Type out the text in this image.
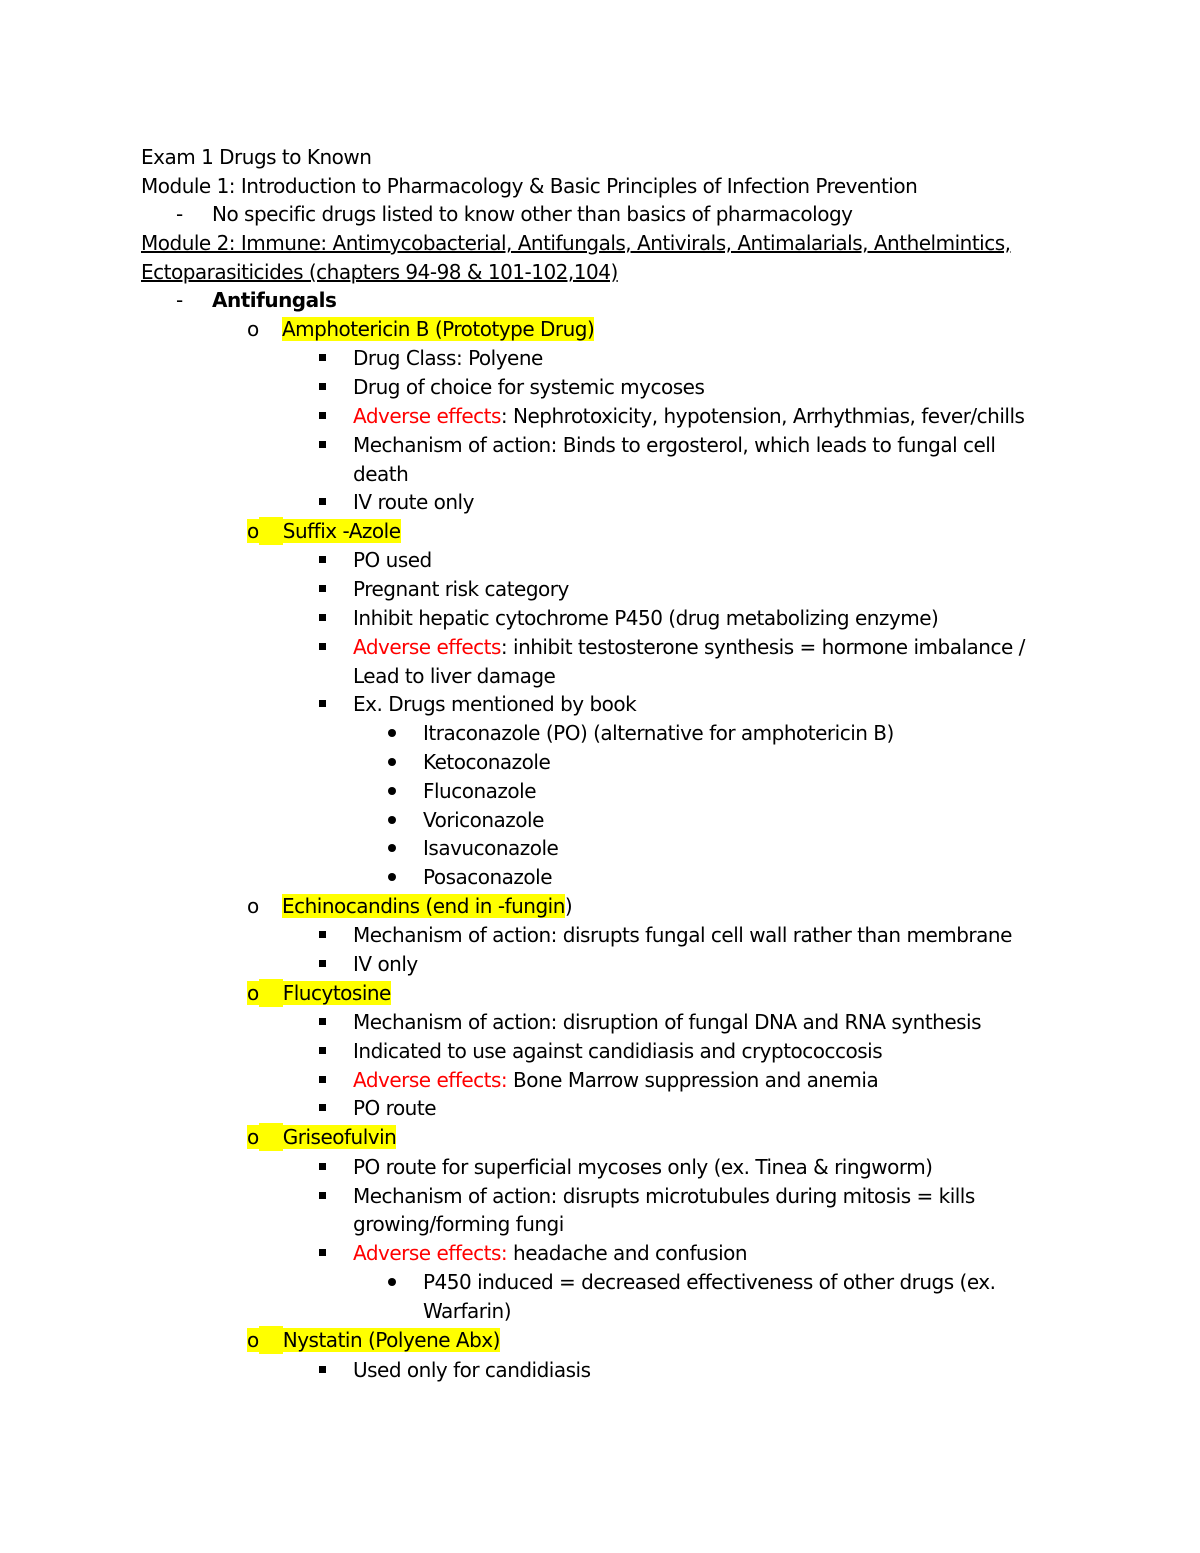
Exam 1 Drugs to Known
Module 1: Introduction to Pharmacology & Basic Principles of Infection Prevention
- No specific drugs listed to know other than basics of pharmacology
Module 2: Immune: Antimycobacterial, Antifungals, Antivirals, Antimalarials, Anthelmintics,
Ectoparasiticides (chapters 94-98 & 101-102,104)
- Antifungals
o Amphotericin B (Prototype Drug)
Drug Class: Polyene
Drug of choice for systemic mycoses
Adverse effects: Nephrotoxicity, hypotension, Arrhythmias, fever/chills
Mechanism of action: Binds to ergosterol, which leads to fungal cell
death
IV route only
o Suffix -Azole
PO used
Pregnant risk category
Inhibit hepatic cytochrome P450 (drug metabolizing enzyme)
Adverse effects: inhibit testosterone synthesis = hormone imbalance /
Lead to liver damage
Ex. Drugs mentioned by book
Itraconazole (PO) (alternative for amphotericin B)
Ketoconazole
Fluconazole
Voriconazole
Isavuconazole
Posaconazole
o Echinocandins (end in -fungin)
Mechanism of action: disrupts fungal cell wall rather than membrane
IV only
o Flucytosine
Mechanism of action: disruption of fungal DNA and RNA synthesis
Indicated to use against candidiasis and cryptococcosis
Adverse effects: Bone Marrow suppression and anemia
PO route
o Griseofulvin
PO route for superficial mycoses only (ex. Tinea & ringworm)
Mechanism of action: disrupts microtubules during mitosis = kills
growing/forming fungi
Adverse effects: headache and confusion
P450 induced = decreased effectiveness of other drugs (ex.
Warfarin)
o Nystatin (Polyene Abx)
Used only for candidiasis
